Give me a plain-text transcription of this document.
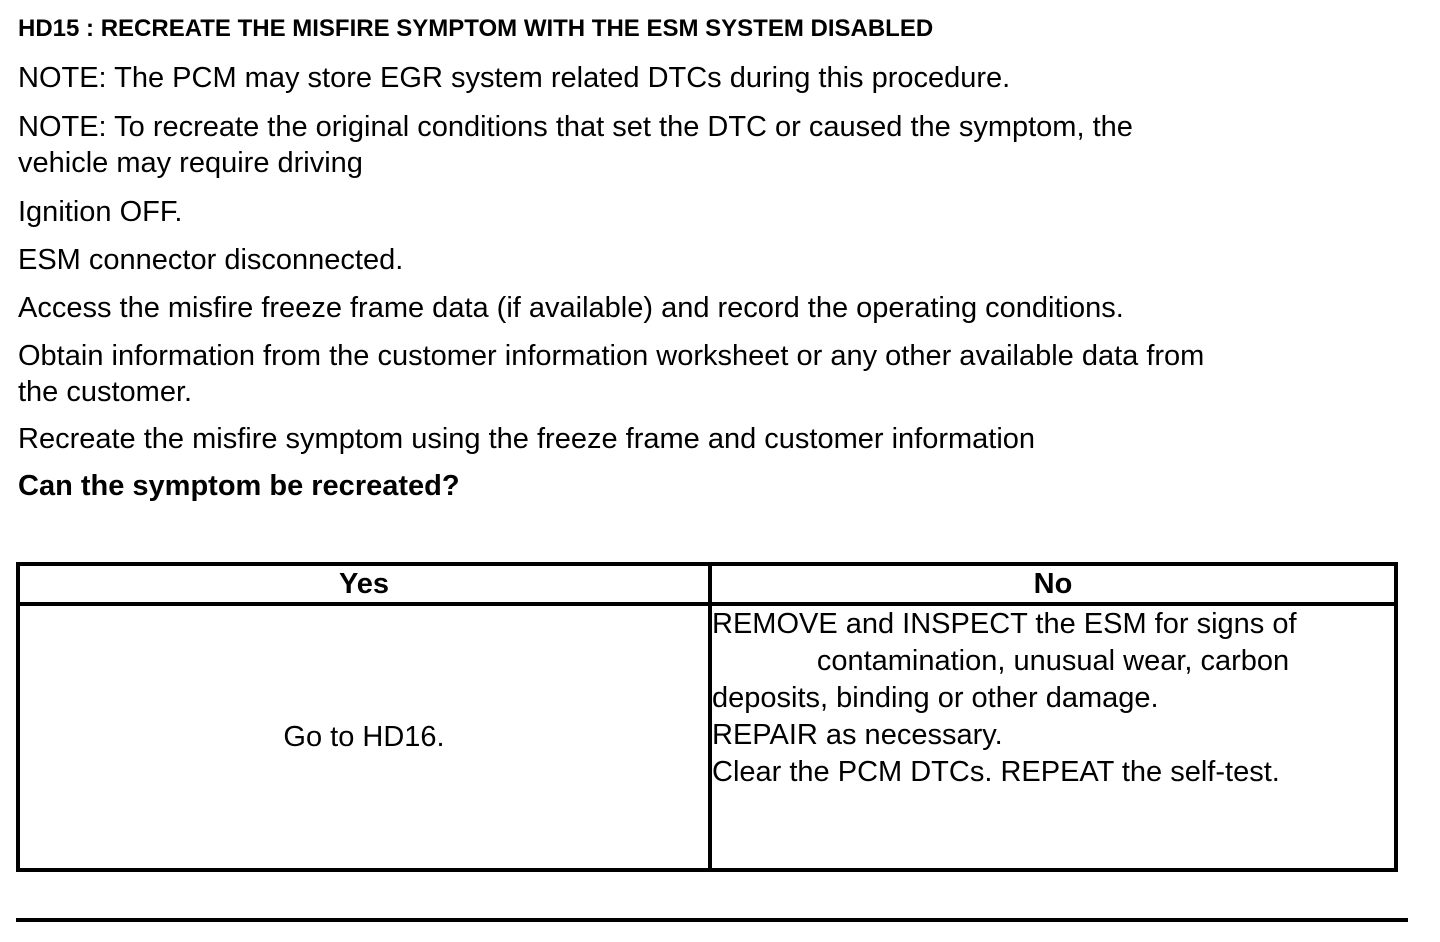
HD15 : RECREATE THE MISFIRE SYMPTOM WITH THE ESM SYSTEM DISABLED

NOTE: The PCM may store EGR system related DTCs during this procedure.

NOTE: To recreate the original conditions that set the DTC or caused the symptom, the
vehicle may require driving

Ignition OFF.

ESM connector disconnected.

Access the misfire freeze frame data (if available) and record the operating conditions.

Obtain information from the customer information worksheet or any other available data from
the customer.

Recreate the misfire symptom using the freeze frame and customer information

Can the symptom be recreated?

Yes	No
Go to HD16.	REMOVE and INSPECT the ESM for signs of
contamination, unusual wear, carbon
deposits, binding or other damage.
REPAIR as necessary.
Clear the PCM DTCs. REPEAT the self-test.
